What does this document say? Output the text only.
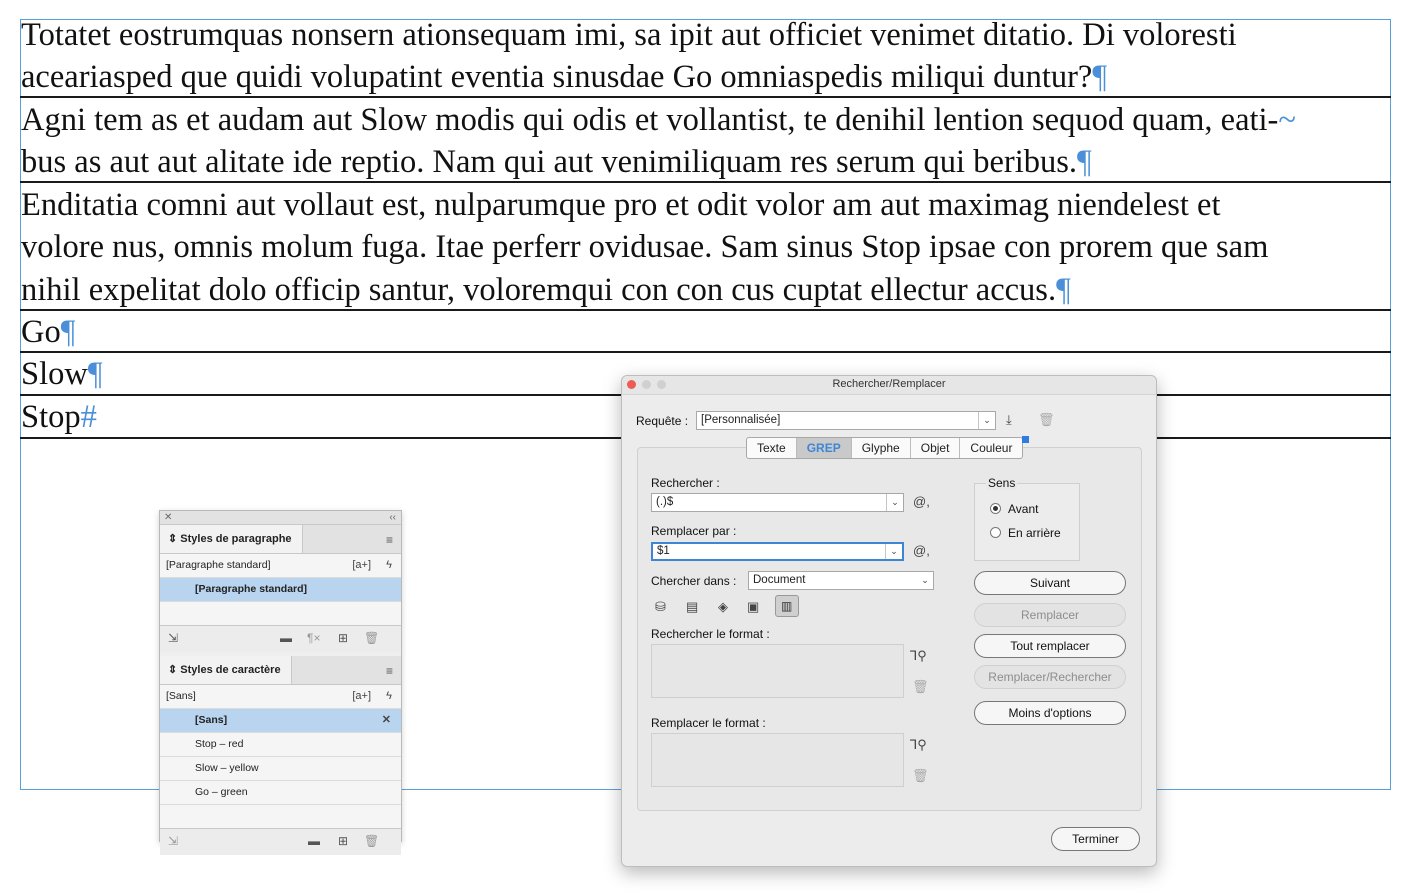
Totatet eostrumquas nonsern ationsequam imi, sa ipit aut officiet venimet ditatio. Di voloresti
aceariasped que quidi volupatint eventia sinusdae Go omniaspedis miliqui duntur?¶
Agni tem as et audam aut Slow modis qui odis et vollantist, te denihil lention sequod quam, eati-~
bus as aut aut alitate ide reptio. Nam qui aut venimiliquam res serum qui beribus.¶
Enditatia comni aut vollaut est, nulparumque pro et odit volor am aut maximag niendelest et
volore nus, omnis molum fuga. Itae perferr ovidusae. Sam sinus Stop ipsae con prorem que sam
nihil expelitat dolo officip santur, voloremqui con con cus cuptat ellectur accus.¶
Go¶
Slow¶
Stop#
✕	‹‹
⇕ Styles de paragraphe	≡
[Paragraphe standard]	[a+] ϟ
[Paragraphe standard]
⇲	▬ ¶× ⊞ 🗑
⇕ Styles de caractère	≡
[Sans]	[a+] ϟ
[Sans]	✕
Stop – red
Slow – yellow
Go – green
⇲	▬ ⊞ 🗑
Rechercher/Remplacer
Requête :	[Personnalisée]	⌄	⤓ 🗑
Texte	GREP	Glyphe	Objet	Couleur
Rechercher :
(.)$	⌄	@,
Remplacer par :
$1	⌄	@,
Chercher dans :	Document	⌄
⛁ ▤ ◈ ▣ ▥
Rechercher le format :
Ꞁ⚲
🗑
Remplacer le format :
Ꞁ⚲
🗑
Sens
Avant
En arrière
Suivant
Remplacer
Tout remplacer
Remplacer/Rechercher
Moins d'options
Terminer
